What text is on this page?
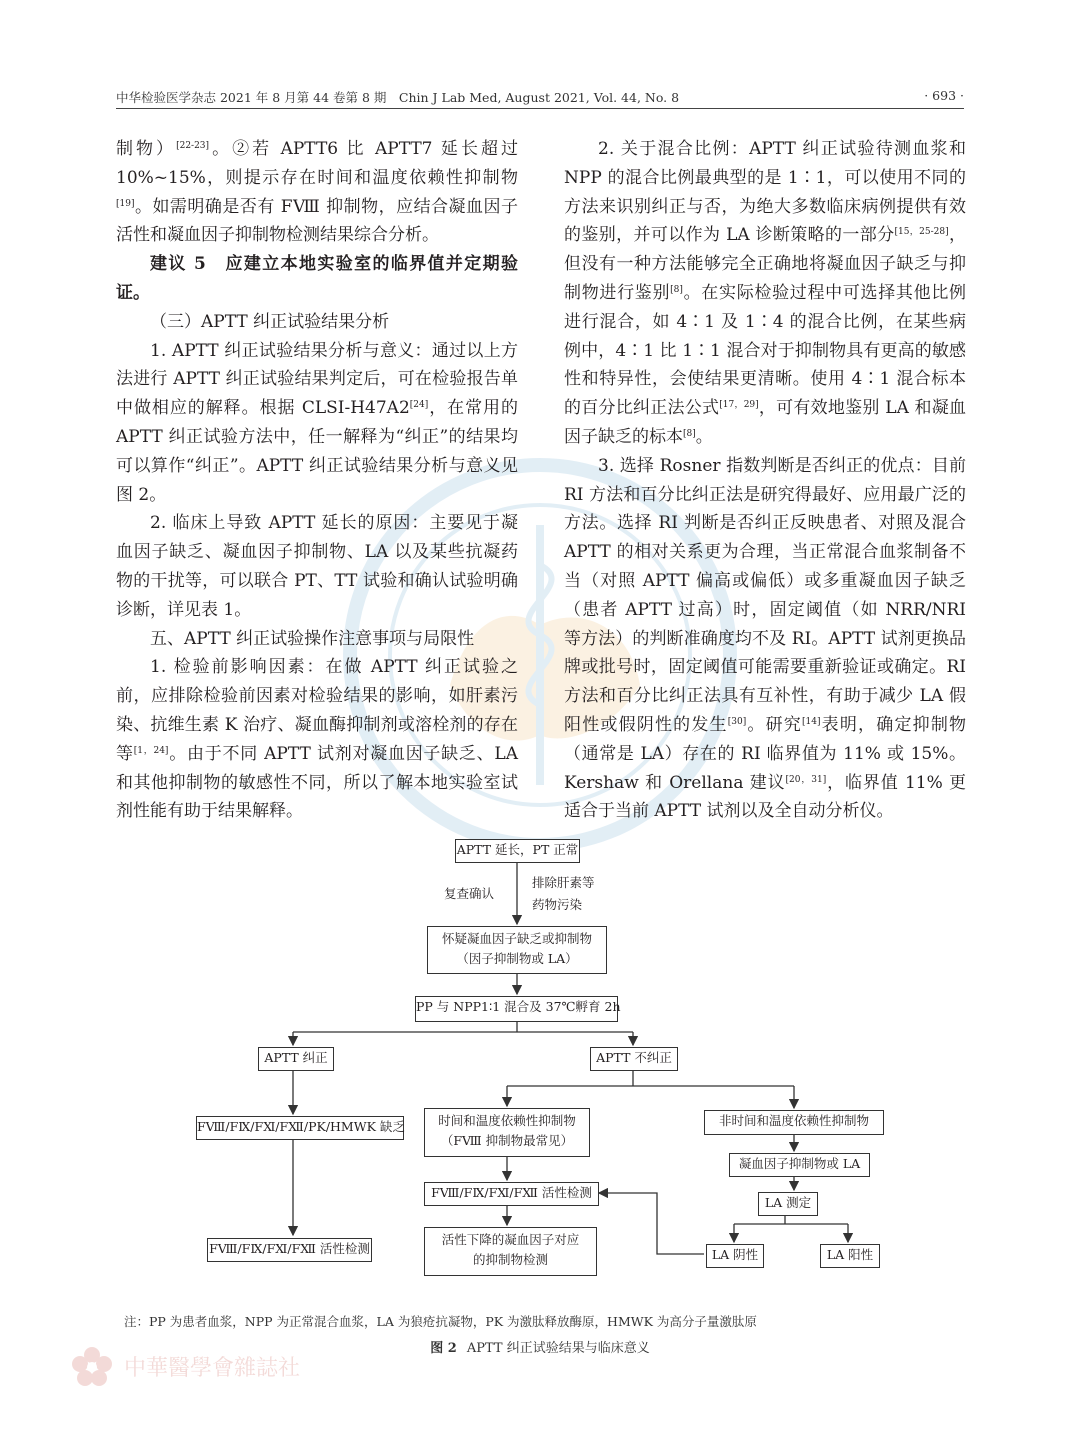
中华检验医学杂志 2021 年 8 月第 44 卷第 8 期　Chin J Lab Med, August 2021, Vol. 44, No. 8	· 693 ·

制物）[22-23]。②若 APTT6 比 APTT7 延长超过 10%~15%，则提示存在时间和温度依赖性抑制物[19]。如需明确是否有 FⅧ 抑制物，应结合凝血因子活性和凝血因子抑制物检测结果综合分析。

建议 5　应建立本地实验室的临界值并定期验证。

（三）APTT 纠正试验结果分析

1. APTT 纠正试验结果分析与意义：通过以上方法进行 APTT 纠正试验结果判定后，可在检验报告单中做相应的解释。根据 CLSI-H47A2[24]，在常用的 APTT 纠正试验方法中，任一解释为“纠正”的结果均可以算作“纠正”。APTT 纠正试验结果分析与意义见图 2。

2. 临床上导致 APTT 延长的原因：主要见于凝血因子缺乏、凝血因子抑制物、LA 以及某些抗凝药物的干扰等，可以联合 PT、TT 试验和确认试验明确诊断，详见表 1。

五、APTT 纠正试验操作注意事项与局限性

1. 检验前影响因素：在做 APTT 纠正试验之前，应排除检验前因素对检验结果的影响，如肝素污染、抗维生素 K 治疗、凝血酶抑制剂或溶栓剂的存在等[1，24]。由于不同 APTT 试剂对凝血因子缺乏、LA 和其他抑制物的敏感性不同，所以了解本地实验室试剂性能有助于结果解释。

2. 关于混合比例：APTT 纠正试验待测血浆和 NPP 的混合比例最典型的是 1∶1，可以使用不同的方法来识别纠正与否，为绝大多数临床病例提供有效的鉴别，并可以作为 LA 诊断策略的一部分[15，25-28]，但没有一种方法能够完全正确地将凝血因子缺乏与抑制物进行鉴别[8]。在实际检验过程中可选择其他比例进行混合，如 4∶1 及 1∶4 的混合比例，在某些病例中，4∶1 比 1∶1 混合对于抑制物具有更高的敏感性和特异性，会使结果更清晰。使用 4∶1 混合标本的百分比纠正法公式[17，29]，可有效地鉴别 LA 和凝血因子缺乏的标本[8]。

3. 选择 Rosner 指数判断是否纠正的优点：目前 RI 方法和百分比纠正法是研究得最好、应用最广泛的方法。选择 RI 判断是否纠正反映患者、对照及混合 APTT 的相对关系更为合理，当正常混合血浆制备不当（对照 APTT 偏高或偏低）或多重凝血因子缺乏（患者 APTT 过高）时，固定阈值（如 NRR/NRI 等方法）的判断准确度均不及 RI。APTT 试剂更换品牌或批号时，固定阈值可能需要重新验证或确定。RI 方法和百分比纠正法具有互补性，有助于减少 LA 假阳性或假阴性的发生[30]。研究[14]表明，确定抑制物（通常是 LA）存在的 RI 临界值为 11% 或 15%。Kershaw 和 Orellana 建议[20，31]，临界值 11% 更适合于当前 APTT 试剂以及全自动分析仪。

APTT 延长，PT 正常
复查确认
排除肝素等
药物污染
怀疑凝血因子缺乏或抑制物
（因子抑制物或 LA）
PP 与 NPP1∶1 混合及 37℃孵育 2h
APTT 纠正	APTT 不纠正
FⅧ/FⅨ/FⅪ/FⅫ/PK/HMWK 缺乏	时间和温度依赖性抑制物
（FⅧ 抑制物最常见）
非时间和温度依赖性抑制物
凝血因子抑制物或 LA
LA 测定
FⅧ/FⅨ/FⅪ/FⅫ 活性检测
LA 阴性	LA 阳性
FⅧ/FⅨ/FⅪ/FⅫ 活性检测
活性下降的凝血因子对应
的抑制物检测
注：PP 为患者血浆，NPP 为正常混合血浆，LA 为狼疮抗凝物，PK 为激肽释放酶原，HMWK 为高分子量激肽原
图 2 APTT 纠正试验结果与临床意义
中華醫學會雜誌社
